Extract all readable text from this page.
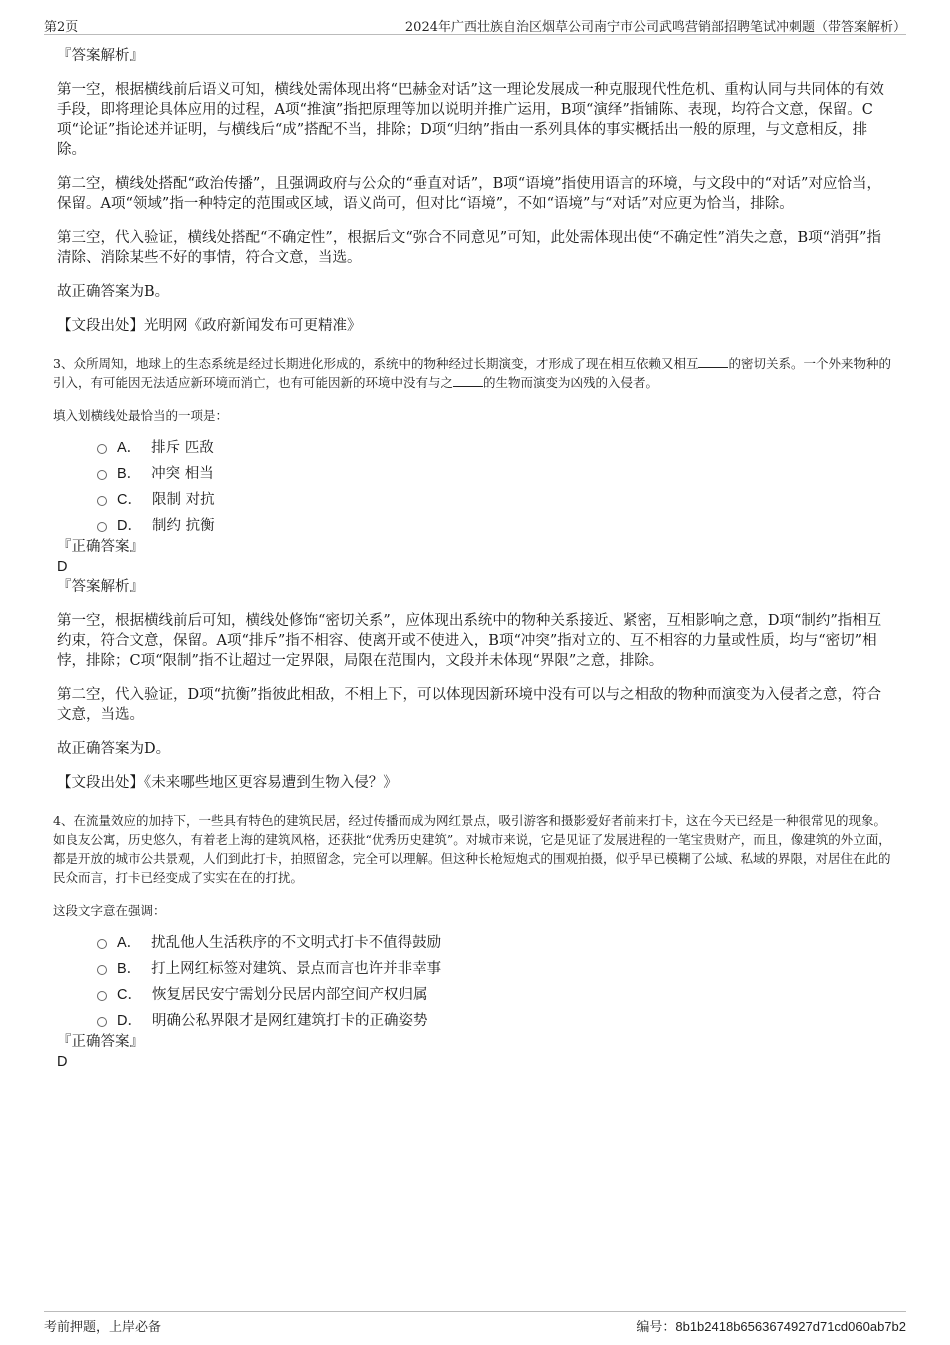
第2页	2024年广西壮族自治区烟草公司南宁市公司武鸣营销部招聘笔试冲刺题（带答案解析）

『答案解析』

第一空，根据横线前后语义可知，横线处需体现出将“巴赫金对话”这一理论发展成一种克服现代性危机、重构认同与共同体的有效手段，即将理论具体应用的过程，A项“推演”指把原理等加以说明并推广运用，B项“演绎”指铺陈、表现，均符合文意，保留。C项“论证”指论述并证明，与横线后“成”搭配不当，排除；D项“归纳”指由一系列具体的事实概括出一般的原理，与文意相反，排除。

第二空，横线处搭配“政治传播”，且强调政府与公众的“垂直对话”，B项“语境”指使用语言的环境，与文段中的“对话”对应恰当，保留。A项“领域”指一种特定的范围或区域，语义尚可，但对比“语境”，不如“语境”与“对话”对应更为恰当，排除。

第三空，代入验证，横线处搭配“不确定性”，根据后文“弥合不同意见”可知，此处需体现出使“不确定性”消失之意，B项“消弭”指清除、消除某些不好的事情，符合文意，当选。

故正确答案为B。

【文段出处】光明网《政府新闻发布可更精准》

3、众所周知，地球上的生态系统是经过长期进化形成的，系统中的物种经过长期演变，才形成了现在相互依赖又相互 的密切关系。一个外来物种的引入，有可能因无法适应新环境而消亡，也有可能因新的环境中没有与之 的生物而演变为凶残的入侵者。

填入划横线处最恰当的一项是：

A． 排斥 匹敌
B． 冲突 相当
C． 限制 对抗
D． 制约 抗衡

『正确答案』

D

『答案解析』

第一空，根据横线前后可知，横线处修饰“密切关系”，应体现出系统中的物种关系接近、紧密，互相影响之意，D项“制约”指相互约束，符合文意，保留。A项“排斥”指不相容、使离开或不使进入，B项“冲突”指对立的、互不相容的力量或性质，均与“密切”相悖，排除；C项“限制”指不让超过一定界限，局限在范围内，文段并未体现“界限”之意，排除。

第二空，代入验证，D项“抗衡”指彼此相敌，不相上下，可以体现因新环境中没有可以与之相敌的物种而演变为入侵者之意，符合文意，当选。

故正确答案为D。

【文段出处】《未来哪些地区更容易遭到生物入侵？》

4、在流量效应的加持下，一些具有特色的建筑民居，经过传播而成为网红景点，吸引游客和摄影爱好者前来打卡，这在今天已经是一种很常见的现象。如良友公寓，历史悠久，有着老上海的建筑风格，还获批“优秀历史建筑”。对城市来说，它是见证了发展进程的一笔宝贵财产，而且，像建筑的外立面，都是开放的城市公共景观，人们到此打卡，拍照留念，完全可以理解。但这种长枪短炮式的围观拍摄，似乎早已模糊了公域、私域的界限，对居住在此的民众而言，打卡已经变成了实实在在的打扰。

这段文字意在强调：

A． 扰乱他人生活秩序的不文明式打卡不值得鼓励
B． 打上网红标签对建筑、景点而言也许并非幸事
C． 恢复居民安宁需划分民居内部空间产权归属
D． 明确公私界限才是网红建筑打卡的正确姿势

『正确答案』

D

考前押题，上岸必备	编号：8b1b2418b6563674927d71cd060ab7b2
